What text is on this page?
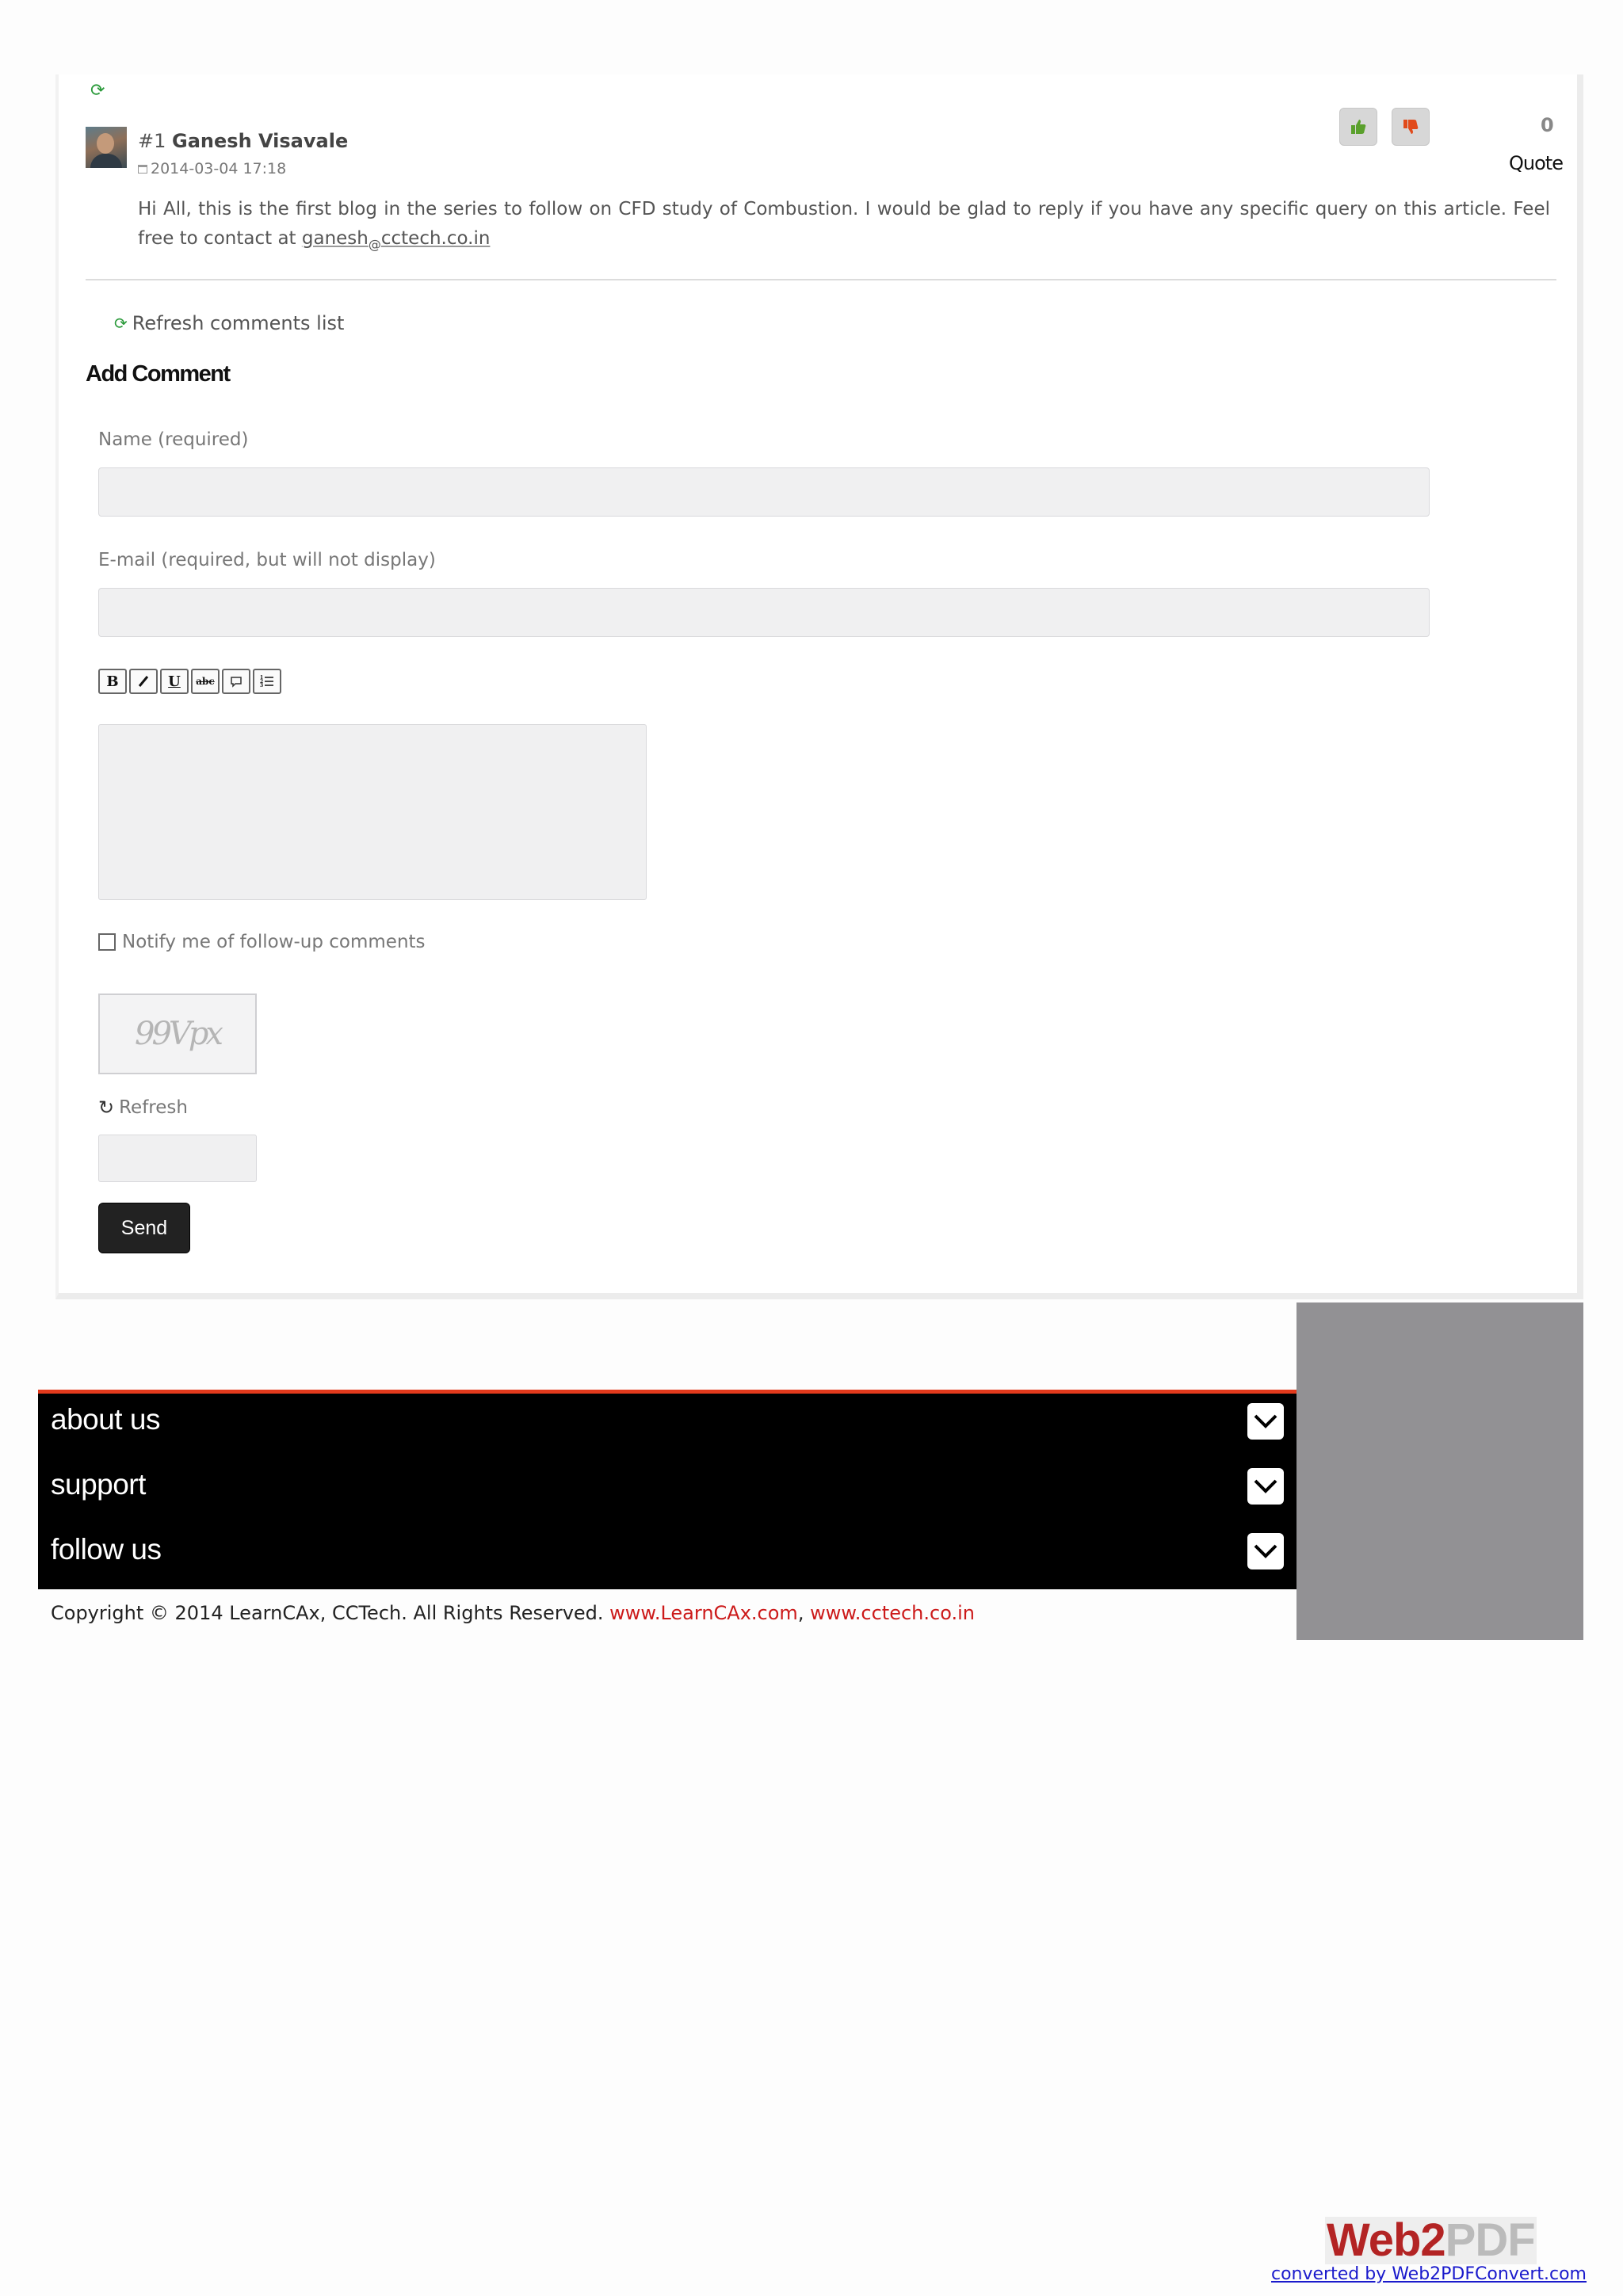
⟳
#1 Ganesh Visavale
2014-03-04 17:18
0
Quote
Hi All, this is the first blog in the series to follow on CFD study of Combustion. I would be glad to reply if you have any specific query on this article. Feel free to contact at ganesh$_@$cctech.co.in
⟳ Refresh comments list
Add Comment
Name (required)
E-mail (required, but will not display)
B	U abc	1
2
3
Notify me of follow-up comments
99Vpx
↻ Refresh
Send
about us
support
follow us
Copyright © 2014 LearnCAx, CCTech. All Rights Reserved. www.LearnCAx.com, www.cctech.co.in
Web2PDF
converted by Web2PDFConvert.com
